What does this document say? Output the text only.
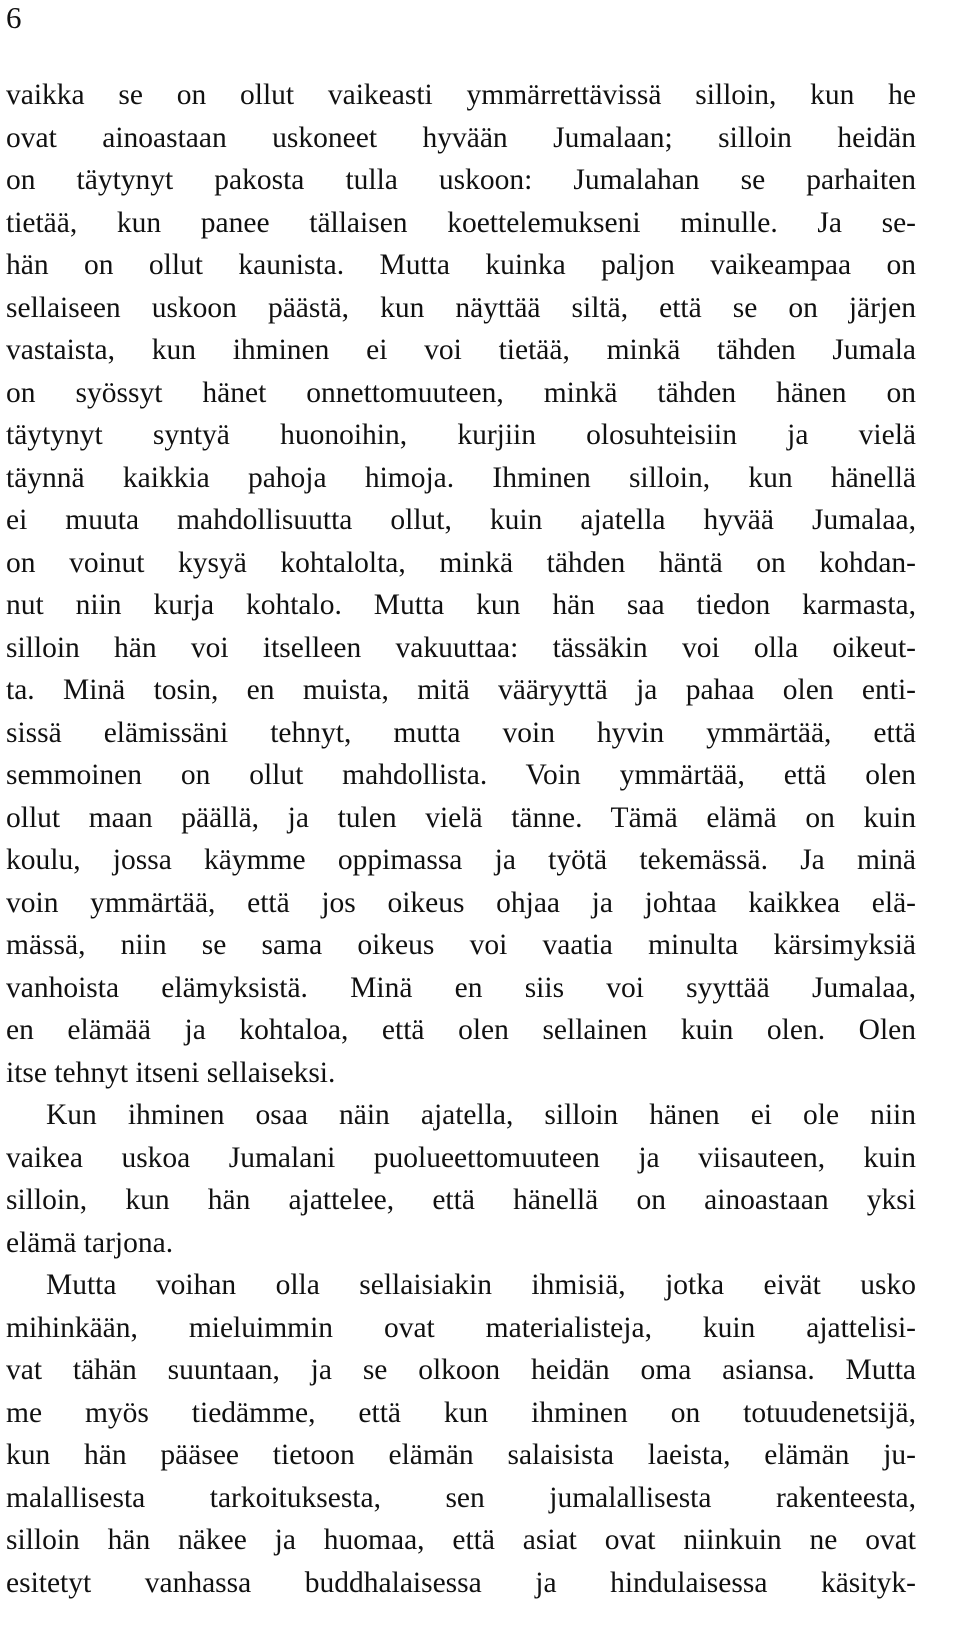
6
vaikka se on ollut vaikeasti ymmärrettävissä silloin, kun he
ovat ainoastaan uskoneet hyvään Jumalaan; silloin heidän
on täytynyt pakosta tulla uskoon: Jumalahan se parhaiten
tietää, kun panee tällaisen koettelemukseni minulle. Ja se-
hän on ollut kaunista. Mutta kuinka paljon vaikeampaa on
sellaiseen uskoon päästä, kun näyttää siltä, että se on järjen
vastaista, kun ihminen ei voi tietää, minkä tähden Jumala
on syössyt hänet onnettomuuteen, minkä tähden hänen on
täytynyt syntyä huonoihin, kurjiin olosuhteisiin ja vielä
täynnä kaikkia pahoja himoja. Ihminen silloin, kun hänellä
ei muuta mahdollisuutta ollut, kuin ajatella hyvää Jumalaa,
on voinut kysyä kohtalolta, minkä tähden häntä on kohdan-
nut niin kurja kohtalo. Mutta kun hän saa tiedon karmasta,
silloin hän voi itselleen vakuuttaa: tässäkin voi olla oikeut-
ta. Minä tosin, en muista, mitä vääryyttä ja pahaa olen enti-
sissä elämissäni tehnyt, mutta voin hyvin ymmärtää, että
semmoinen on ollut mahdollista. Voin ymmärtää, että olen
ollut maan päällä, ja tulen vielä tänne. Tämä elämä on kuin
koulu, jossa käymme oppimassa ja työtä tekemässä. Ja minä
voin ymmärtää, että jos oikeus ohjaa ja johtaa kaikkea elä-
mässä, niin se sama oikeus voi vaatia minulta kärsimyksiä
vanhoista elämyksistä. Minä en siis voi syyttää Jumalaa,
en elämää ja kohtaloa, että olen sellainen kuin olen. Olen
itse tehnyt itseni sellaiseksi.
Kun ihminen osaa näin ajatella, silloin hänen ei ole niin
vaikea uskoa Jumalani puolueettomuuteen ja viisauteen, kuin
silloin, kun hän ajattelee, että hänellä on ainoastaan yksi
elämä tarjona.
Mutta voihan olla sellaisiakin ihmisiä, jotka eivät usko
mihinkään, mieluimmin ovat materialisteja, kuin ajattelisi-
vat tähän suuntaan, ja se olkoon heidän oma asiansa. Mutta
me myös tiedämme, että kun ihminen on totuudenetsijä,
kun hän pääsee tietoon elämän salaisista laeista, elämän ju-
malallisesta tarkoituksesta, sen jumalallisesta rakenteesta,
silloin hän näkee ja huomaa, että asiat ovat niinkuin ne ovat
esitetyt vanhassa buddhalaisessa ja hindulaisessa käsityk-
